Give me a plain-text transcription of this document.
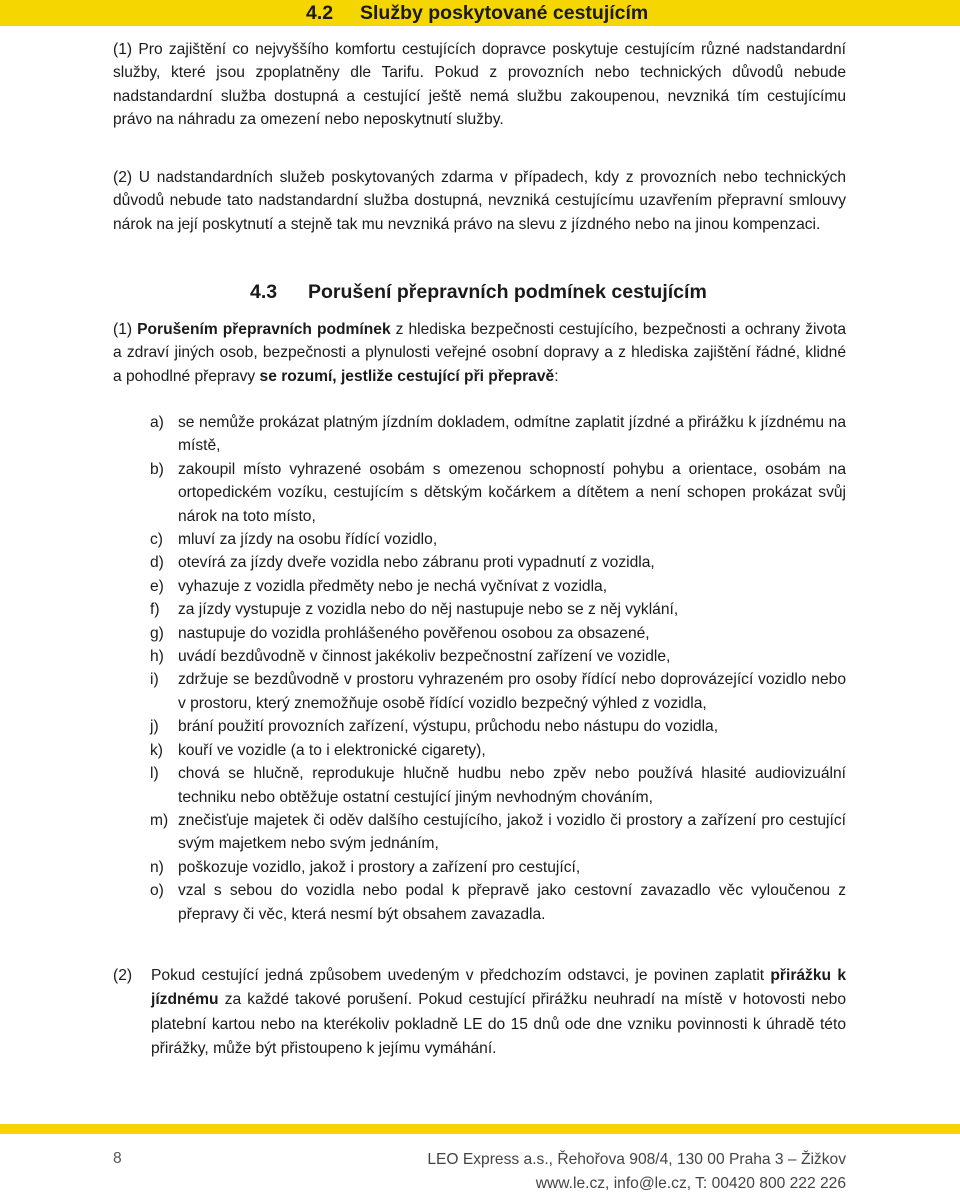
4.2 Služby poskytované cestujícím

(1) Pro zajištění co nejvyššího komfortu cestujících dopravce poskytuje cestujícím různé nadstandardní služby, které jsou zpoplatněny dle Tarifu. Pokud z provozních nebo technických důvodů nebude nadstandardní služba dostupná a cestující ještě nemá službu zakoupenou, nevzniká tím cestujícímu právo na náhradu za omezení nebo neposkytnutí služby.

(2) U nadstandardních služeb poskytovaných zdarma v případech, kdy z provozních nebo technických důvodů nebude tato nadstandardní služba dostupná, nevzniká cestujícímu uzavřením přepravní smlouvy nárok na její poskytnutí a stejně tak mu nevzniká právo na slevu z jízdného nebo na jinou kompenzaci.

4.3 Porušení přepravních podmínek cestujícím

(1) Porušením přepravních podmínek z hlediska bezpečnosti cestujícího, bezpečnosti a ochrany života a zdraví jiných osob, bezpečnosti a plynulosti veřejné osobní dopravy a z hlediska zajištění řádné, klidné a pohodlné přepravy se rozumí, jestliže cestující při přepravě:

a) se nemůže prokázat platným jízdním dokladem, odmítne zaplatit jízdné a přirážku k jízdnému na místě,
b) zakoupil místo vyhrazené osobám s omezenou schopností pohybu a orientace, osobám na ortopedickém vozíku, cestujícím s dětským kočárkem a dítětem a není schopen prokázat svůj nárok na toto místo,
c) mluví za jízdy na osobu řídící vozidlo,
d) otevírá za jízdy dveře vozidla nebo zábranu proti vypadnutí z vozidla,
e) vyhazuje z vozidla předměty nebo je nechá vyčnívat z vozidla,
f) za jízdy vystupuje z vozidla nebo do něj nastupuje nebo se z něj vyklání,
g) nastupuje do vozidla prohlášeného pověřenou osobou za obsazené,
h) uvádí bezdůvodně v činnost jakékoliv bezpečnostní zařízení ve vozidle,
i) zdržuje se bezdůvodně v prostoru vyhrazeném pro osoby řídící nebo doprovázející vozidlo nebo v prostoru, který znemožňuje osobě řídící vozidlo bezpečný výhled z vozidla,
j) brání použití provozních zařízení, výstupu, průchodu nebo nástupu do vozidla,
k) kouří ve vozidle (a to i elektronické cigarety),
l) chová se hlučně, reprodukuje hlučně hudbu nebo zpěv nebo používá hlasité audiovizuální techniku nebo obtěžuje ostatní cestující jiným nevhodným chováním,
m) znečisťuje majetek či oděv dalšího cestujícího, jakož i vozidlo či prostory a zařízení pro cestující svým majetkem nebo svým jednáním,
n) poškozuje vozidlo, jakož i prostory a zařízení pro cestující,
o) vzal s sebou do vozidla nebo podal k přepravě jako cestovní zavazadlo věc vyloučenou z přepravy či věc, která nesmí být obsahem zavazadla.

(2) Pokud cestující jedná způsobem uvedeným v předchozím odstavci, je povinen zaplatit přirážku k jízdnému za každé takové porušení. Pokud cestující přirážku neuhradí na místě v hotovosti nebo platební kartou nebo na kterékoliv pokladně LE do 15 dnů ode dne vzniku povinnosti k úhradě této přirážky, může být přistoupeno k jejímu vymáhání.

8	LEO Express a.s., Řehořova 908/4, 130 00 Praha 3 – Žižkov
www.le.cz, info@le.cz, T: 00420 800 222 226
